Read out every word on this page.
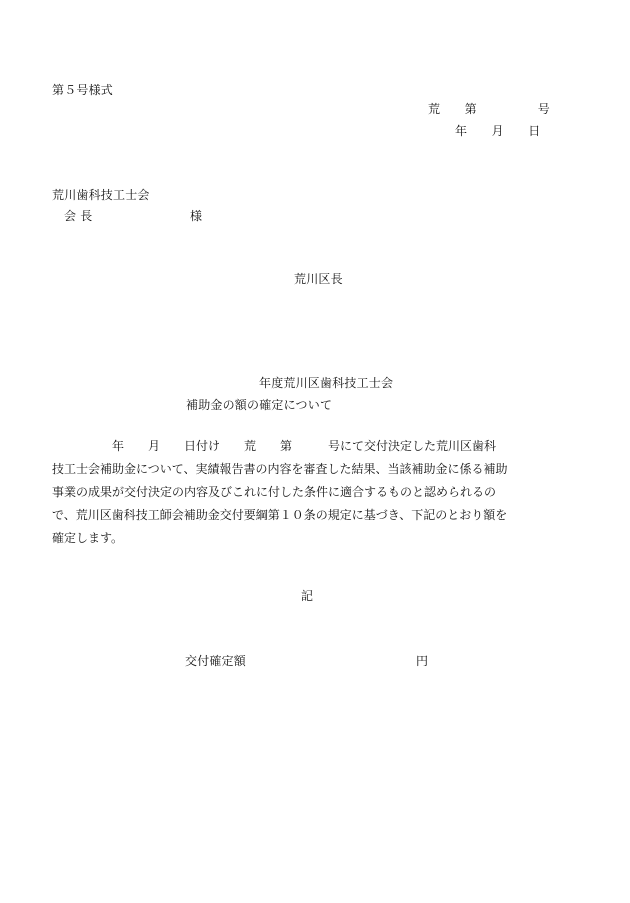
第５号様式
荒　　第　　　　　号
年　　月　　日
荒川歯科技工士会
会 長　　　　　　　　様
荒川区長
年度荒川区歯科技工士会
補助金の額の確定について
　　　　　年　　月　　日付け　　荒　　第　　　号にて交付決定した荒川区歯科
技工士会補助金について、実績報告書の内容を審査した結果、当該補助金に係る補助
事業の成果が交付決定の内容及びこれに付した条件に適合するものと認められるの
で、荒川区歯科技工師会補助金交付要綱第１０条の規定に基づき、下記のとおり額を
確定します。
記
交付確定額	円
